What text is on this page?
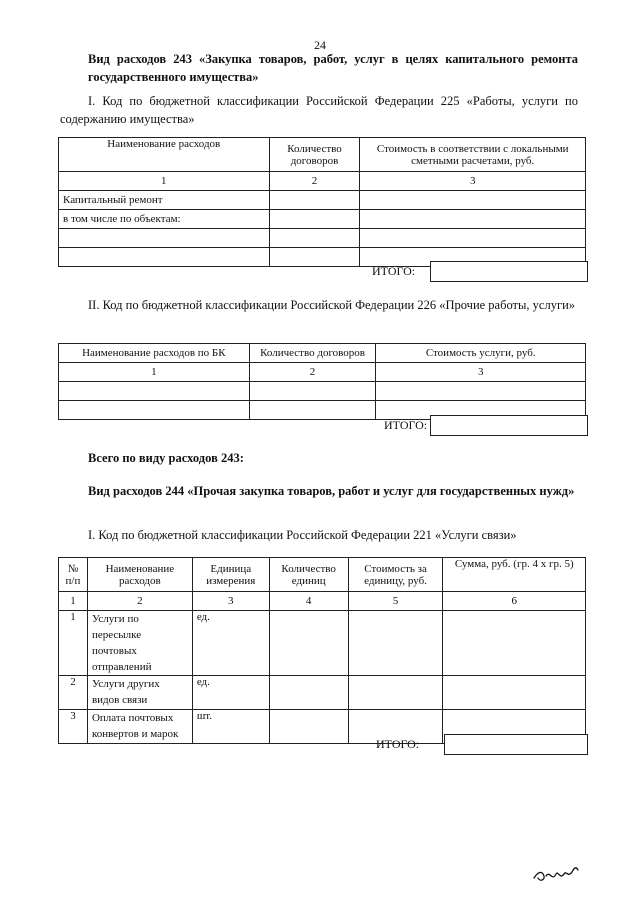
24
Вид расходов 243 «Закупка товаров, работ, услуг в целях капитального ремонта государственного имущества»
I. Код по бюджетной классификации Российской Федерации 225 «Работы, услуги по содержанию имущества»
Наименование расходов	Количество договоров	Стоимость в соответствии с локальными сметными расчетами, руб.
1	2	3
Капитальный ремонт		
в том числе по объектам:		

ИТОГО:
II. Код по бюджетной классификации Российской Федерации 226 «Прочие работы, услуги»
Наименование расходов по БК	Количество договоров	Стоимость услуги, руб.
1	2	3

ИТОГО:
Всего по виду расходов 243:
Вид расходов 244 «Прочая закупка товаров, работ и услуг для государственных нужд»
I. Код по бюджетной классификации Российской Федерации 221 «Услуги связи»
№ п/п	Наименование расходов	Единица измерения	Количество единиц	Стоимость за единицу, руб.	Сумма, руб. (гр. 4 х гр. 5)
1	2	3	4	5	6
1	Услуги по пересылке почтовых отправлений	ед.			
2	Услуги других видов связи	ед.			
3	Оплата почтовых конвертов и марок	шт.			
ИТОГО:
